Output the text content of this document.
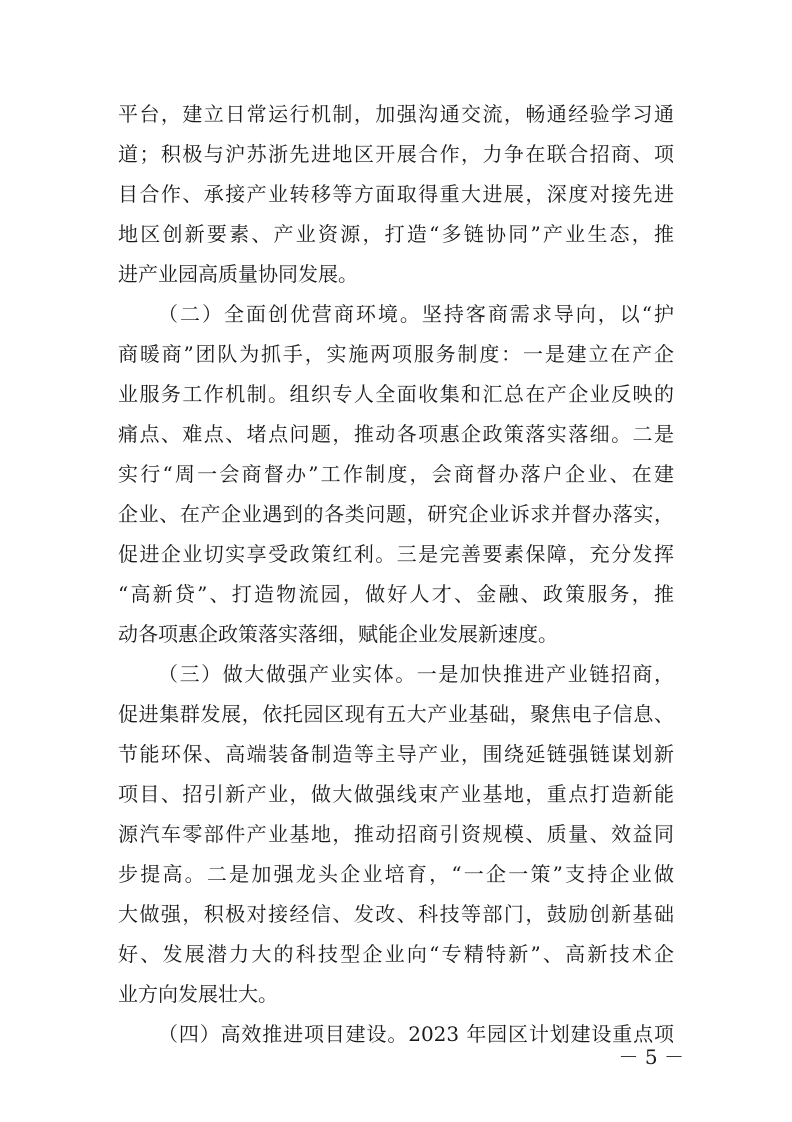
平台，建立日常运行机制，加强沟通交流，畅通经验学习通
道；积极与沪苏浙先进地区开展合作，力争在联合招商、项
目合作、承接产业转移等方面取得重大进展，深度对接先进
地区创新要素、产业资源，打造“多链协同”产业生态，推
进产业园高质量协同发展。
（二）全面创优营商环境。坚持客商需求导向，以“护
商暖商”团队为抓手，实施两项服务制度：一是建立在产企
业服务工作机制。组织专人全面收集和汇总在产企业反映的
痛点、难点、堵点问题，推动各项惠企政策落实落细。二是
实行“周一会商督办”工作制度，会商督办落户企业、在建
企业、在产企业遇到的各类问题，研究企业诉求并督办落实，
促进企业切实享受政策红利。三是完善要素保障，充分发挥
“高新贷”、打造物流园，做好人才、金融、政策服务，推
动各项惠企政策落实落细，赋能企业发展新速度。
（三）做大做强产业实体。一是加快推进产业链招商，
促进集群发展，依托园区现有五大产业基础，聚焦电子信息、
节能环保、高端装备制造等主导产业，围绕延链强链谋划新
项目、招引新产业，做大做强线束产业基地，重点打造新能
源汽车零部件产业基地，推动招商引资规模、质量、效益同
步提高。二是加强龙头企业培育，“一企一策”支持企业做
大做强，积极对接经信、发改、科技等部门，鼓励创新基础
好、发展潜力大的科技型企业向“专精特新”、高新技术企
业方向发展壮大。
（四）高效推进项目建设。2023 年园区计划建设重点项
－ 5 －
